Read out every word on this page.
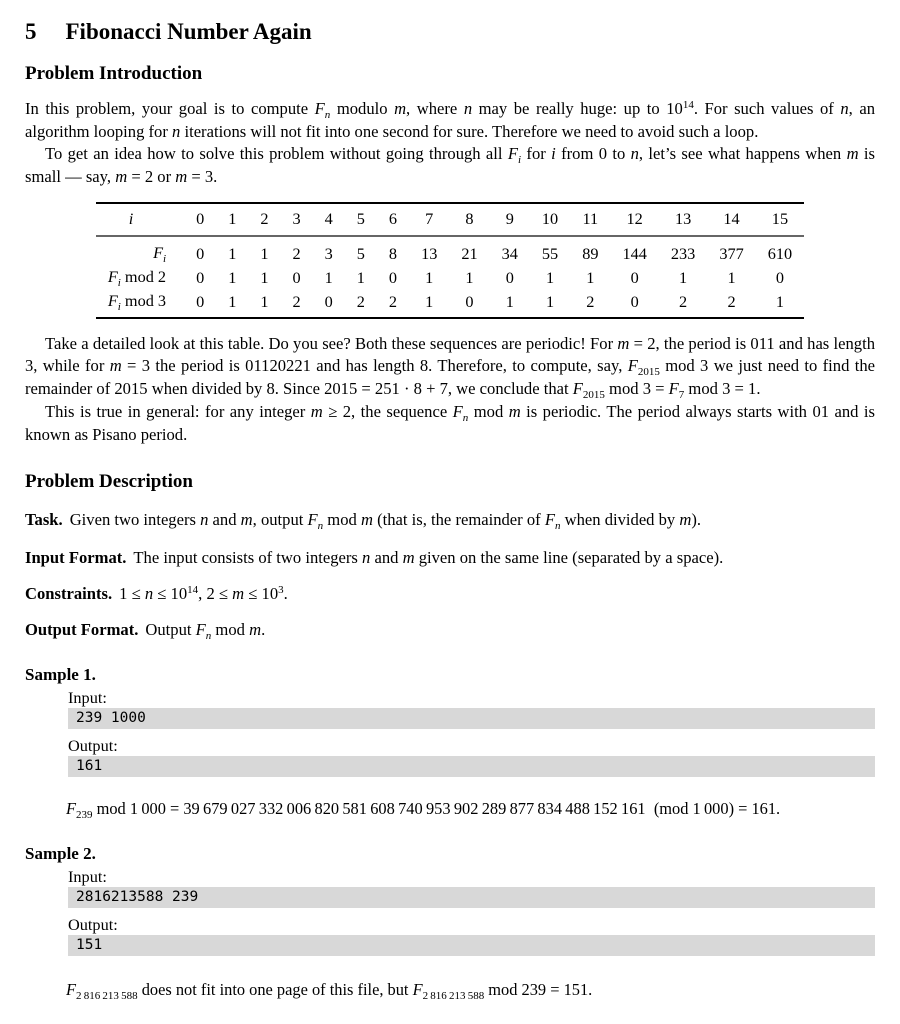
5 Fibonacci Number Again

Problem Introduction

In this problem, your goal is to compute $F_n$ modulo m, where n may be really huge: up to $10^{14}$. For such values of n, an algorithm looping for n iterations will not fit into one second for sure. Therefore we need to avoid such a loop.

To get an idea how to solve this problem without going through all $F_i$ for i from 0 to n, let’s see what happens when m is small — say, m = 2 or m = 3.

i	0	1	2	3	4	5	6	7	8	9	10	11	12	13	14	15
$F_i$	0	1	1	2	3	5	8	13	21	34	55	89	144	233	377	610
$F_i$ mod 2	0	1	1	0	1	1	0	1	1	0	1	1	0	1	1	0
$F_i$ mod 3	0	1	1	2	0	2	2	1	0	1	1	2	0	2	2	1

Take a detailed look at this table. Do you see? Both these sequences are periodic! For m = 2, the period is 011 and has length 3, while for m = 3 the period is 01120221 and has length 8. Therefore, to compute, say, $F_{2015}$ mod 3 we just need to find the remainder of 2015 when divided by 8. Since 2015 = 251 · 8 + 7, we conclude that $F_{2015}$ mod $3 = F_7$ mod 3 = 1.

This is true in general: for any integer m ≥ 2, the sequence $F_n$ mod m is periodic. The period always starts with 01 and is known as Pisano period.

Problem Description

Task. Given two integers n and m, output $F_n$ mod m (that is, the remainder of $F_n$ when divided by m).

Input Format. The input consists of two integers n and m given on the same line (separated by a space).

Constraints. $1 \le n \le 10^{14}$, $2 \le m \le 10^3$.

Output Format. Output $F_n$ mod m.

Sample 1.

Input:

239 1000

Output:

161

$F_{239}$ mod 1 000 = 39 679 027 332 006 820 581 608 740 953 902 289 877 834 488 152 161 (mod 1 000) = 161.

Sample 2.

Input:

2816213588 239

Output:

151

$F_{2 816 213 588}$ does not fit into one page of this file, but $F_{2 816 213 588}$ mod 239 = 151.
